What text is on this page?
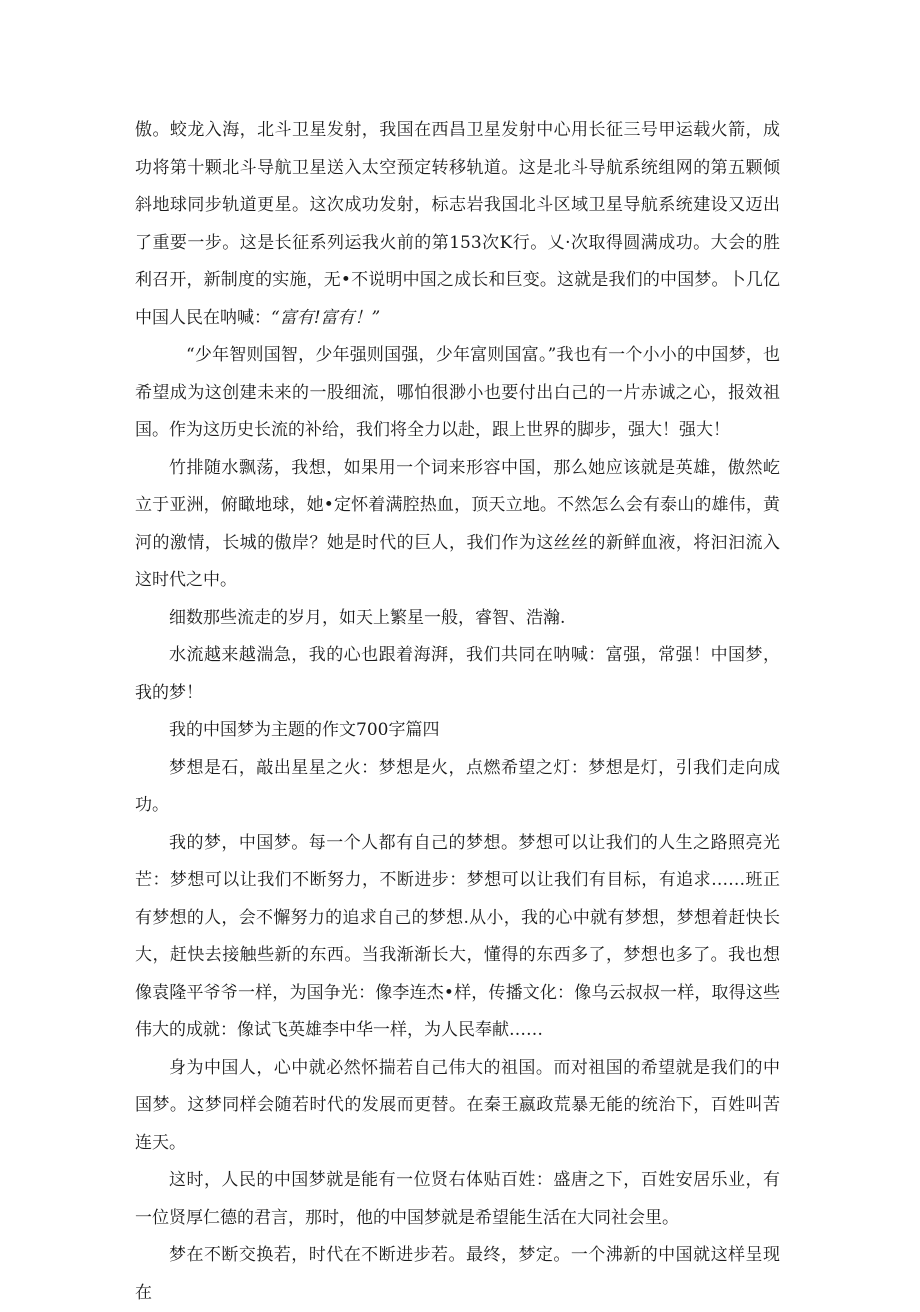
傲。蛟龙入海，北斗卫星发射，我国在西昌卫星发射中心用长征三号甲运载火箭，成功将第十颗北斗导航卫星送入太空预定转移轨道。这是北斗导航系统组网的第五颗倾斜地球同步轨道更星。这次成功发射，标志岩我国北斗区域卫星导航系统建设又迈出了重要一步。这是长征系列运我火前的第153次K行。乂·次取得圆满成功。大会的胜利召开，新制度的实施，无•不说明中国之成长和巨变。这就是我们的中国梦。卜几亿中国人民在呐喊：“富有!富有！”

“少年智则国智，少年强则国强，少年富则国富。”我也有一个小小的中国梦，也希望成为这创建未来的一股细流，哪怕很渺小也要付出白己的一片赤诚之心，报效祖国。作为这历史长流的补给，我们将全力以赴，跟上世界的脚步，强大！强大！

竹排随水飘荡，我想，如果用一个词来形容中国，那么她应该就是英雄，傲然屹立于亚洲，俯瞰地球，她•定怀着满腔热血，顶天立地。不然怎么会有泰山的雄伟，黄河的激情，长城的傲岸？她是时代的巨人，我们作为这丝丝的新鲜血液，将汩汩流入这时代之中。

细数那些流走的岁月，如天上繁星一般，睿智、浩瀚.

水流越来越湍急，我的心也跟着海湃，我们共同在呐喊：富强，常强！中国梦，我的梦！

我的中国梦为主题的作文700字篇四

梦想是石，敲出星星之火：梦想是火，点燃希望之灯：梦想是灯，引我们走向成功。

我的梦，中国梦。每一个人都有自己的梦想。梦想可以让我们的人生之路照亮光芒：梦想可以让我们不断努力，不断进步：梦想可以让我们有目标，有追求……班正有梦想的人，会不懈努力的追求自己的梦想.从小，我的心中就有梦想，梦想着赶快长大，赶快去接触些新的东西。当我渐渐长大，懂得的东西多了，梦想也多了。我也想像袁隆平爷爷一样，为国争光：像李连杰•样，传播文化：像乌云叔叔一样，取得这些伟大的成就：像试飞英雄李中华一样，为人民奉献……

身为中国人，心中就必然怀揣若自己伟大的祖国。而对祖国的希望就是我们的中国梦。这梦同样会随若时代的发展而更替。在秦王嬴政荒暴无能的统治下，百姓叫苦连天。

这时，人民的中国梦就是能有一位贤右体贴百姓：盛唐之下，百姓安居乐业，有一位贤厚仁德的君言，那时，他的中国梦就是希望能生活在大同社会里。

梦在不断交换若，时代在不断进步若。最终，梦定。一个沸新的中国就这样呈现在
